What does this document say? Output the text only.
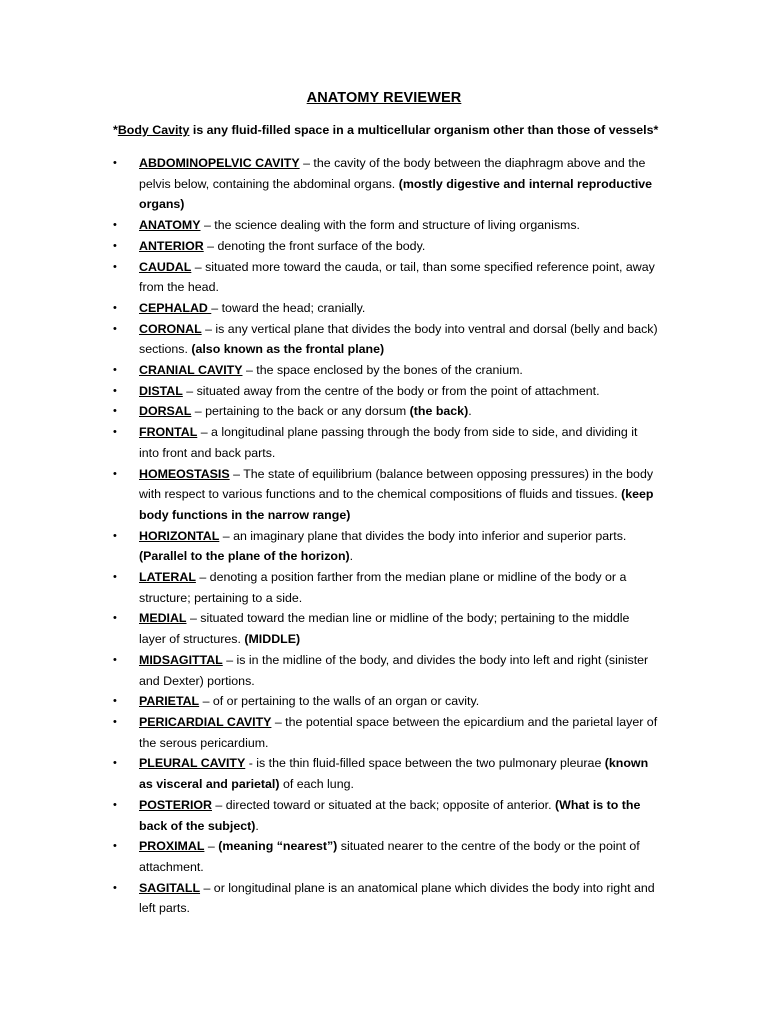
ANATOMY REVIEWER
*Body Cavity is any fluid-filled space in a multicellular organism other than those of vessels*
• ABDOMINOPELVIC CAVITY – the cavity of the body between the diaphragm above and the pelvis below, containing the abdominal organs. (mostly digestive and internal reproductive organs)
• ANATOMY – the science dealing with the form and structure of living organisms.
• ANTERIOR – denoting the front surface of the body.
• CAUDAL – situated more toward the cauda, or tail, than some specified reference point, away from the head.
• CEPHALAD – toward the head; cranially.
• CORONAL – is any vertical plane that divides the body into ventral and dorsal (belly and back) sections. (also known as the frontal plane)
• CRANIAL CAVITY – the space enclosed by the bones of the cranium.
• DISTAL – situated away from the centre of the body or from the point of attachment.
• DORSAL – pertaining to the back or any dorsum (the back).
• FRONTAL – a longitudinal plane passing through the body from side to side, and dividing it into front and back parts.
• HOMEOSTASIS – The state of equilibrium (balance between opposing pressures) in the body with respect to various functions and to the chemical compositions of fluids and tissues. (keep body functions in the narrow range)
• HORIZONTAL – an imaginary plane that divides the body into inferior and superior parts. (Parallel to the plane of the horizon).
• LATERAL – denoting a position farther from the median plane or midline of the body or a structure; pertaining to a side.
• MEDIAL – situated toward the median line or midline of the body; pertaining to the middle layer of structures. (MIDDLE)
• MIDSAGITTAL – is in the midline of the body, and divides the body into left and right (sinister and Dexter) portions.
• PARIETAL – of or pertaining to the walls of an organ or cavity.
• PERICARDIAL CAVITY – the potential space between the epicardium and the parietal layer of the serous pericardium.
• PLEURAL CAVITY - is the thin fluid-filled space between the two pulmonary pleurae (known as visceral and parietal) of each lung.
• POSTERIOR – directed toward or situated at the back; opposite of anterior. (What is to the back of the subject).
• PROXIMAL – (meaning “nearest”) situated nearer to the centre of the body or the point of attachment.
• SAGITALL – or longitudinal plane is an anatomical plane which divides the body into right and left parts.
